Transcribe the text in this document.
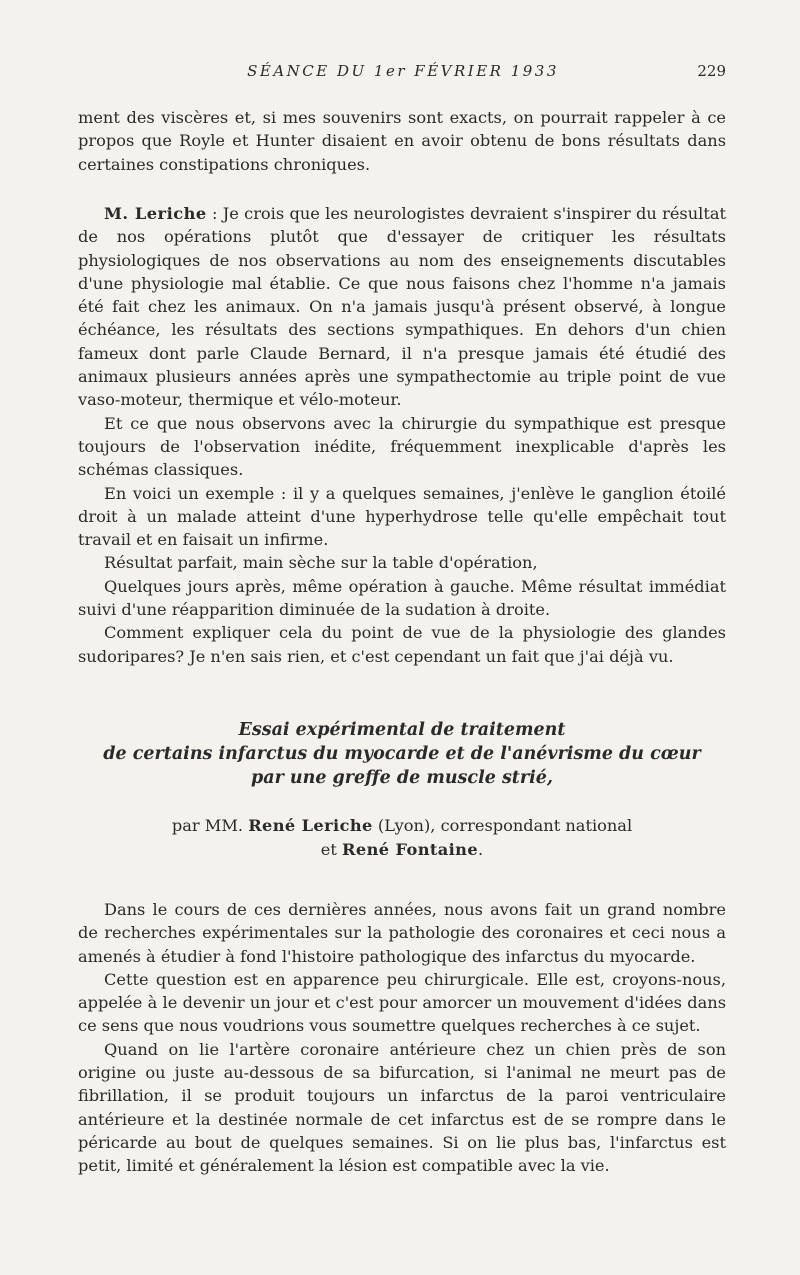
SÉANCE DU 1er FÉVRIER 1933	229

ment des viscères et, si mes souvenirs sont exacts, on pourrait rappeler à ce propos que Royle et Hunter disaient en avoir obtenu de bons résultats dans certaines constipations chroniques.

M. Leriche : Je crois que les neurologistes devraient s'inspirer du résultat de nos opérations plutôt que d'essayer de critiquer les résultats physiologiques de nos observations au nom des enseignements discutables d'une physiologie mal établie. Ce que nous faisons chez l'homme n'a jamais été fait chez les animaux. On n'a jamais jusqu'à présent observé, à longue échéance, les résultats des sections sympathiques. En dehors d'un chien fameux dont parle Claude Bernard, il n'a presque jamais été étudié des animaux plusieurs années après une sympathectomie au triple point de vue vaso-moteur, thermique et vélo-moteur.

Et ce que nous observons avec la chirurgie du sympathique est presque toujours de l'observation inédite, fréquemment inexplicable d'après les schémas classiques.

En voici un exemple : il y a quelques semaines, j'enlève le ganglion étoilé droit à un malade atteint d'une hyperhydrose telle qu'elle empêchait tout travail et en faisait un infirme.

Résultat parfait, main sèche sur la table d'opération,

Quelques jours après, même opération à gauche. Même résultat immédiat suivi d'une réapparition diminuée de la sudation à droite.

Comment expliquer cela du point de vue de la physiologie des glandes sudoripares? Je n'en sais rien, et c'est cependant un fait que j'ai déjà vu.

Essai expérimental de traitement
de certains infarctus du myocarde et de l'anévrisme du cœur
par une greffe de muscle strié,
par MM. René Leriche (Lyon), correspondant national
et René Fontaine.

Dans le cours de ces dernières années, nous avons fait un grand nombre de recherches expérimentales sur la pathologie des coronaires et ceci nous a amenés à étudier à fond l'histoire pathologique des infarctus du myocarde.

Cette question est en apparence peu chirurgicale. Elle est, croyons-nous, appelée à le devenir un jour et c'est pour amorcer un mouvement d'idées dans ce sens que nous voudrions vous soumettre quelques recherches à ce sujet.

Quand on lie l'artère coronaire antérieure chez un chien près de son origine ou juste au-dessous de sa bifurcation, si l'animal ne meurt pas de fibrillation, il se produit toujours un infarctus de la paroi ventriculaire antérieure et la destinée normale de cet infarctus est de se rompre dans le péricarde au bout de quelques semaines. Si on lie plus bas, l'infarctus est petit, limité et généralement la lésion est compatible avec la vie.
